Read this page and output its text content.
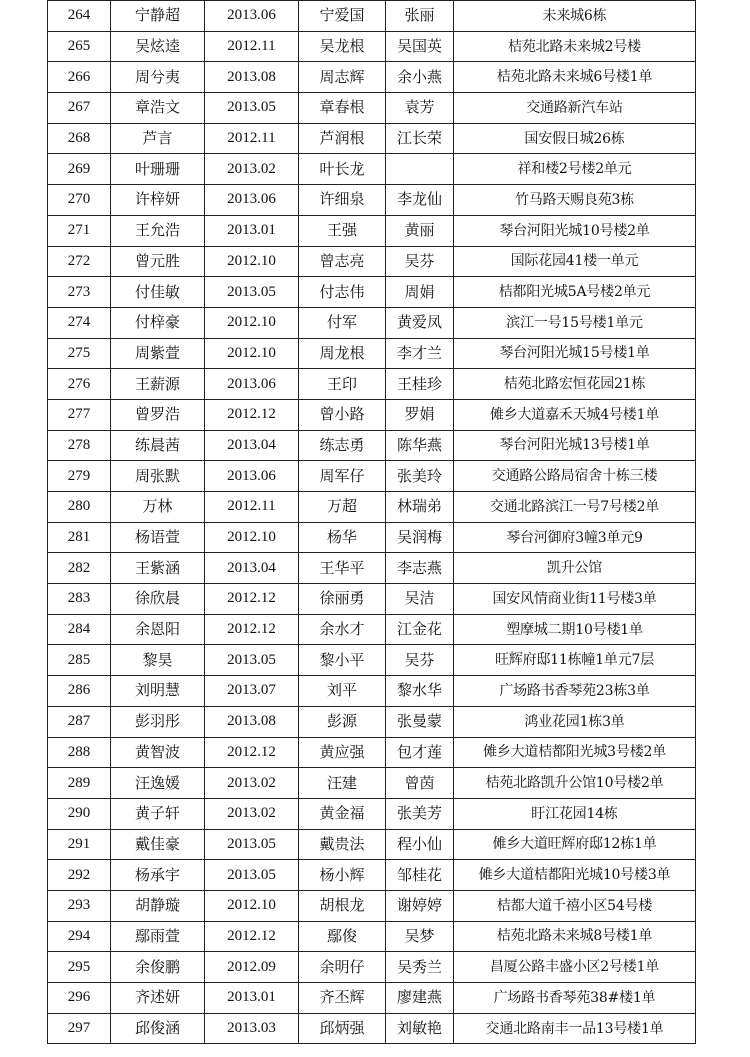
264	宁静超	2013.06	宁爱国	张丽	未来城6栋
265	吴炫逵	2012.11	吴龙根	吴国英	桔苑北路未来城2号楼
266	周兮夷	2013.08	周志辉	余小燕	桔苑北路未来城6号楼1单
267	章浩文	2013.05	章春根	袁芳	交通路新汽车站
268	芦言	2012.11	芦润根	江长荣	国安假日城26栋
269	叶珊珊	2013.02	叶长龙		祥和楼2号楼2单元
270	许梓妍	2013.06	许细泉	李龙仙	竹马路天赐良苑3栋
271	王允浩	2013.01	王强	黄丽	琴台河阳光城10号楼2单
272	曾元胜	2012.10	曾志亮	吴芬	国际花园41楼一单元
273	付佳敏	2013.05	付志伟	周娟	桔都阳光城5A号楼2单元
274	付梓豪	2012.10	付军	黄爱凤	滨江一号15号楼1单元
275	周紫萱	2012.10	周龙根	李才兰	琴台河阳光城15号楼1单
276	王薪源	2013.06	王印	王桂珍	桔苑北路宏恒花园21栋
277	曾罗浩	2012.12	曾小路	罗娟	傩乡大道嘉禾天城4号楼1单
278	练晨茜	2013.04	练志勇	陈华燕	琴台河阳光城13号楼1单
279	周张默	2013.06	周军仔	张美玲	交通路公路局宿舍十栋三楼
280	万林	2012.11	万超	林瑞弟	交通北路滨江一号7号楼2单
281	杨语萱	2012.10	杨华	吴润梅	琴台河御府3幢3单元9
282	王紫涵	2013.04	王华平	李志燕	凯升公馆
283	徐欣晨	2012.12	徐丽勇	吴洁	国安风情商业街11号楼3单
284	余恩阳	2012.12	余水才	江金花	塑摩城二期10号楼1单
285	黎昊	2013.05	黎小平	吴芬	旺辉府邸11栋幢1单元7层
286	刘明慧	2013.07	刘平	黎水华	广场路书香琴苑23栋3单
287	彭羽彤	2013.08	彭源	张曼蒙	鸿业花园1栋3单
288	黄智波	2012.12	黄应强	包才莲	傩乡大道桔都阳光城3号楼2单
289	汪逸媛	2013.02	汪建	曾茵	桔苑北路凯升公馆10号楼2单
290	黄子轩	2013.02	黄金福	张美芳	盱江花园14栋
291	戴佳豪	2013.05	戴贵法	程小仙	傩乡大道旺辉府邸12栋1单
292	杨承宇	2013.05	杨小辉	邹桂花	傩乡大道桔都阳光城10号楼3单
293	胡静璇	2012.10	胡根龙	谢婷婷	桔都大道千禧小区54号楼
294	鄢雨萱	2012.12	鄢俊	吴梦	桔苑北路未来城8号楼1单
295	余俊鹏	2012.09	余明仔	吴秀兰	昌厦公路丰盛小区2号楼1单
296	齐述妍	2013.01	齐丕辉	廖建燕	广场路书香琴苑38#楼1单
297	邱俊涵	2013.03	邱炳强	刘敏艳	交通北路南丰一品13号楼1单
